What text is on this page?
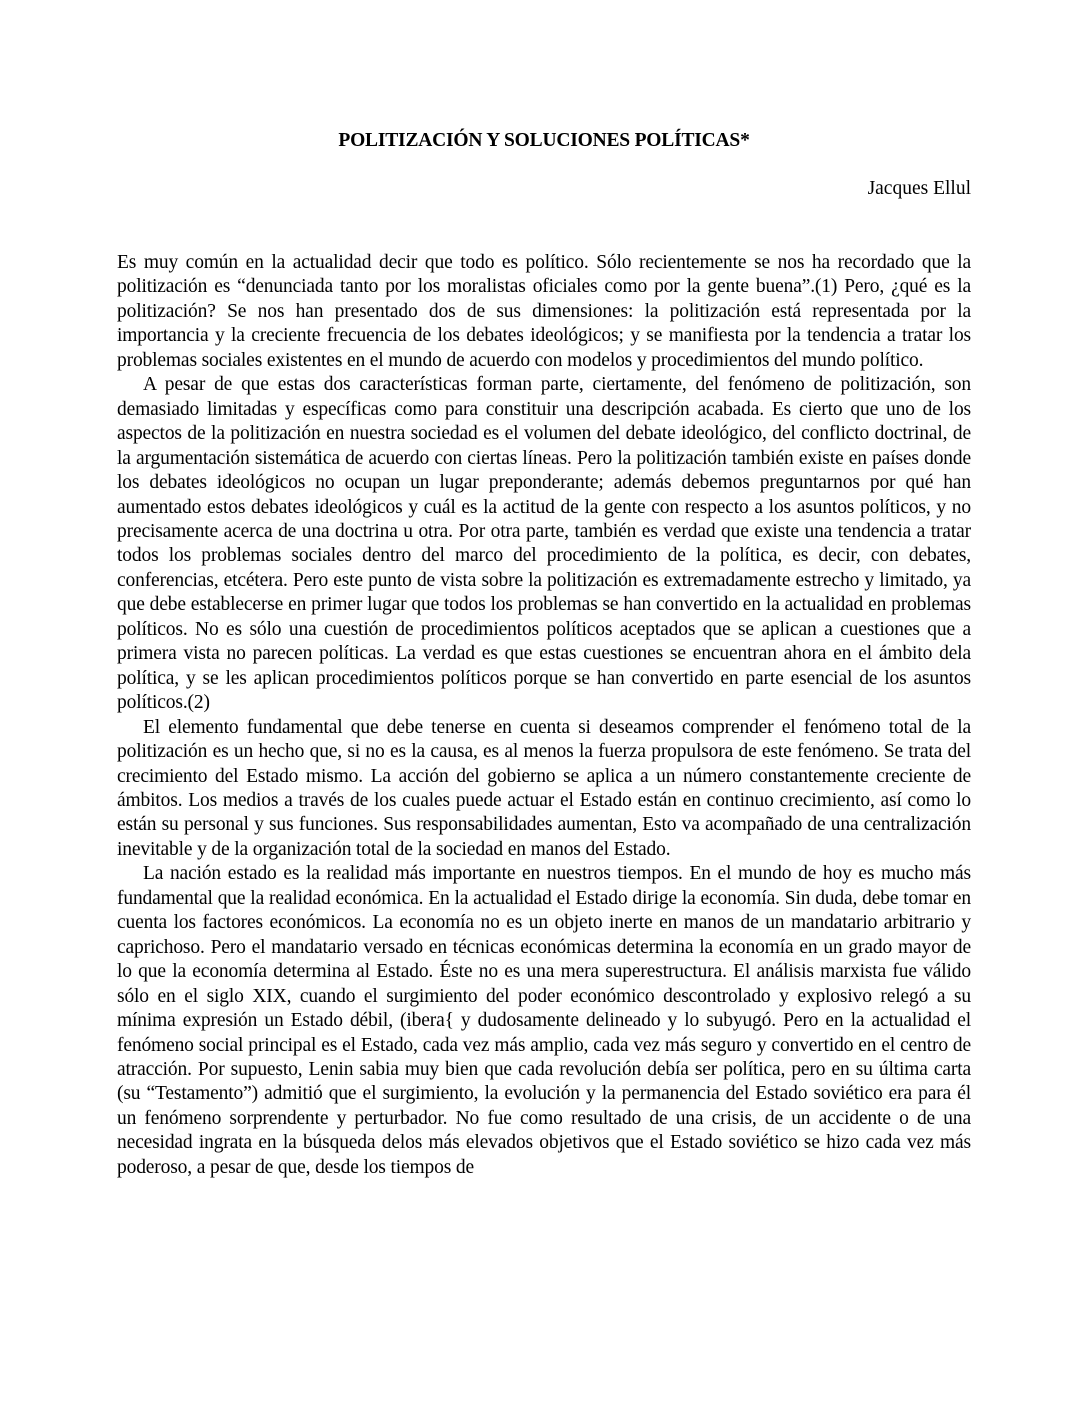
POLITIZACIÓN Y SOLUCIONES POLÍTICAS*

Jacques Ellul

Es muy común en la actualidad decir que todo es político. Sólo recientemente se nos ha recordado que la politización es “denunciada tanto por los moralistas oficiales como por la gente buena”.(1) Pero, ¿qué es la politización? Se nos han presentado dos de sus dimensiones: la politización está representada por la importancia y la creciente frecuencia de los debates ideológicos; y se manifiesta por la tendencia a tratar los problemas sociales existentes en el mundo de acuerdo con modelos y procedimientos del mundo político.

A pesar de que estas dos características forman parte, ciertamente, del fenómeno de politización, son demasiado limitadas y específicas como para constituir una descripción acabada. Es cierto que uno de los aspectos de la politización en nuestra sociedad es el volumen del debate ideológico, del conflicto doctrinal, de la argumentación sistemática de acuerdo con ciertas líneas. Pero la politización también existe en países donde los debates ideológicos no ocupan un lugar preponderante; además debemos preguntarnos por qué han aumentado estos debates ideológicos y cuál es la actitud de la gente con respecto a los asuntos políticos, y no precisamente acerca de una doctrina u otra. Por otra parte, también es verdad que existe una tendencia a tratar todos los problemas sociales dentro del marco del procedimiento de la política, es decir, con debates, conferencias, etcétera. Pero este punto de vista sobre la politización es extremadamente estrecho y limitado, ya que debe establecerse en primer lugar que todos los problemas se han convertido en la actualidad en problemas políticos. No es sólo una cuestión de procedimientos políticos aceptados que se aplican a cuestiones que a primera vista no parecen políticas. La verdad es que estas cuestiones se encuentran ahora en el ámbito dela política, y se les aplican procedimientos políticos porque se han convertido en parte esencial de los asuntos políticos.(2)

El elemento fundamental que debe tenerse en cuenta si deseamos comprender el fenómeno total de la politización es un hecho que, si no es la causa, es al menos la fuerza propulsora de este fenómeno. Se trata del crecimiento del Estado mismo. La acción del gobierno se aplica a un número constantemente creciente de ámbitos. Los medios a través de los cuales puede actuar el Estado están en continuo crecimiento, así como lo están su personal y sus funciones. Sus responsabilidades aumentan, Esto va acompañado de una centralización inevitable y de la organización total de la sociedad en manos del Estado.

La nación estado es la realidad más importante en nuestros tiempos. En el mundo de hoy es mucho más fundamental que la realidad económica. En la actualidad el Estado dirige la economía. Sin duda, debe tomar en cuenta los factores económicos. La economía no es un objeto inerte en manos de un mandatario arbitrario y caprichoso. Pero el mandatario versado en técnicas económicas determina la economía en un grado mayor de lo que la economía determina al Estado. Éste no es una mera superestructura. El análisis marxista fue válido sólo en el siglo XIX, cuando el surgimiento del poder económico descontrolado y explosivo relegó a su mínima expresión un Estado débil, (ibera{ y dudosamente delineado y lo subyugó. Pero en la actualidad el fenómeno social principal es el Estado, cada vez más amplio, cada vez más seguro y convertido en el centro de atracción. Por supuesto, Lenin sabia muy bien que cada revolución debía ser política, pero en su última carta (su “Testamento”) admitió que el surgimiento, la evolución y la permanencia del Estado soviético era para él un fenómeno sorprendente y perturbador. No fue como resultado de una crisis, de un accidente o de una necesidad ingrata en la búsqueda delos más elevados objetivos que el Estado soviético se hizo cada vez más poderoso, a pesar de que, desde los tiempos de
